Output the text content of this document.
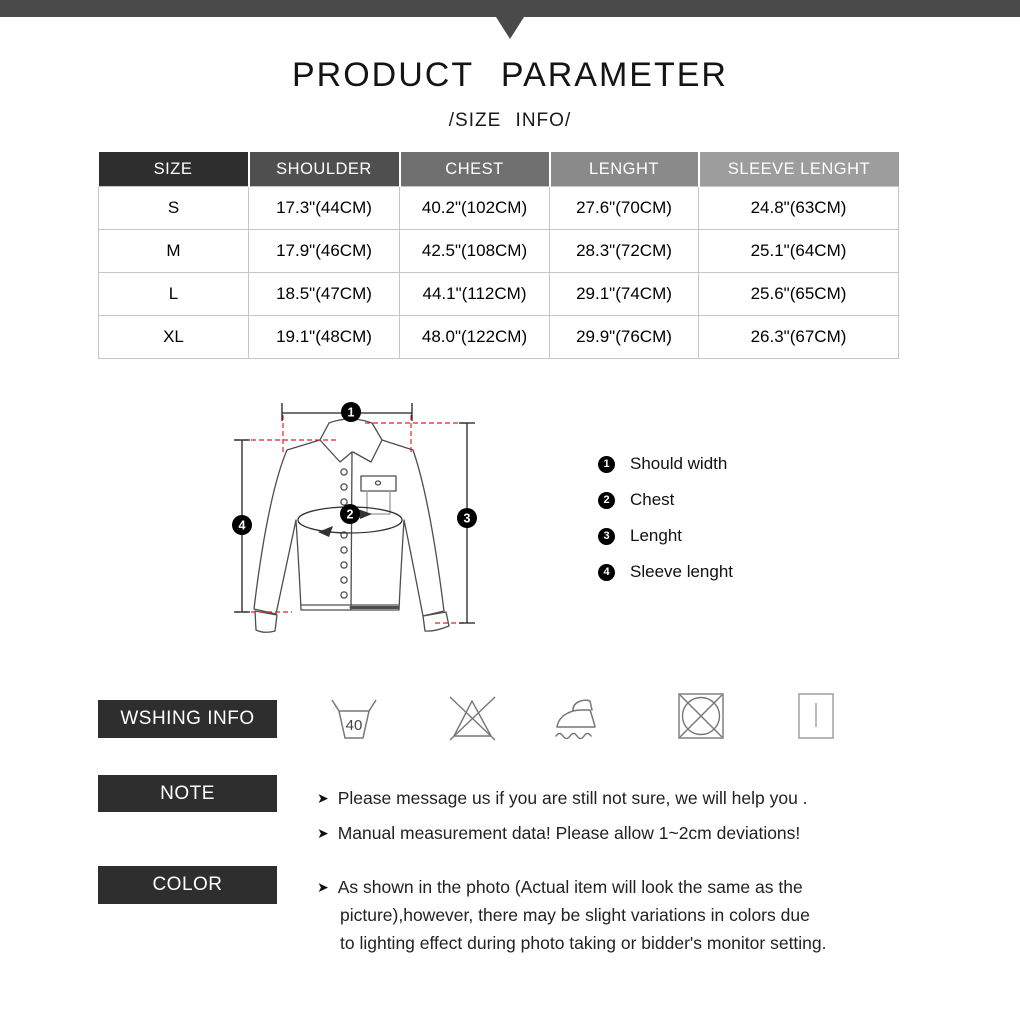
PRODUCT PARAMETER
/SIZE INFO/
SIZE	SHOULDER	CHEST	LENGHT	SLEEVE LENGHT
S	17.3"(44CM)	40.2"(102CM)	27.6"(70CM)	24.8"(63CM)
M	17.9"(46CM)	42.5"(108CM)	28.3"(72CM)	25.1"(64CM)
L	18.5"(47CM)	44.1"(112CM)	29.1"(74CM)	25.6"(65CM)
XL	19.1"(48CM)	48.0"(122CM)	29.9"(76CM)	26.3"(67CM)
1
2	3
4
1	Should width
2	Chest
3	Lenght
4	Sleeve lenght
WSHING INFO	40
NOTE	➤ Please message us if you are still not sure, we will help you .
➤ Manual measurement data! Please allow 1~2cm deviations!
COLOR	➤ As shown in the photo (Actual item will look the same as the
picture),however, there may be slight variations in colors due
to lighting effect during photo taking or bidder's monitor setting.
